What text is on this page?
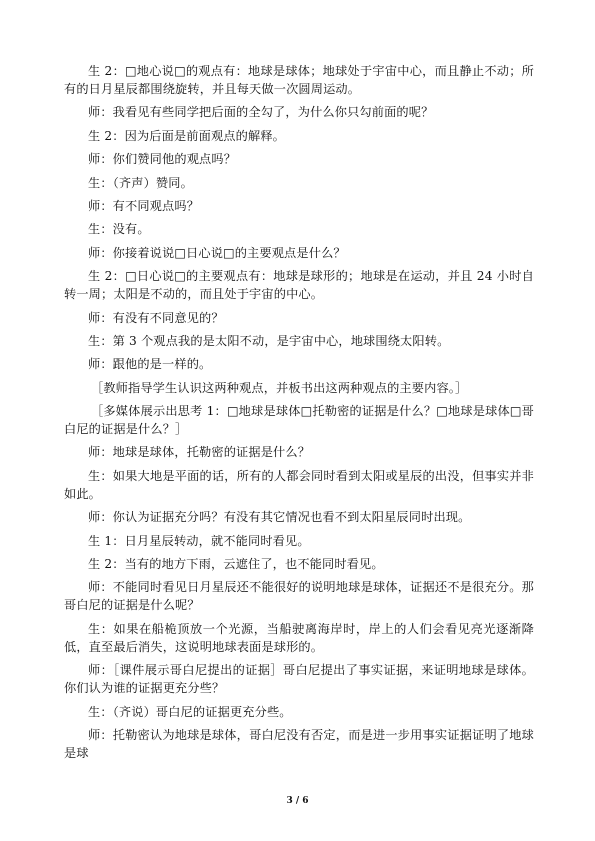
生 2：□地心说□的观点有：地球是球体；地球处于宇宙中心，而且静止不动；所有的日月星辰都围绕旋转，并且每天做一次圆周运动。

师：我看见有些同学把后面的全勾了，为什么你只勾前面的呢？

生 2：因为后面是前面观点的解释。

师：你们赞同他的观点吗？

生：（齐声）赞同。

师：有不同观点吗？

生：没有。

师：你接着说说□日心说□的主要观点是什么？

生 2：□日心说□的主要观点有：地球是球形的；地球是在运动，并且 24 小时自转一周；太阳是不动的，而且处于宇宙的中心。

师：有没有不同意见的？

生：第 3 个观点我的是太阳不动，是宇宙中心，地球围绕太阳转。

师：跟他的是一样的。

［教师指导学生认识这两种观点，并板书出这两种观点的主要内容。］

［多媒体展示出思考 1：□地球是球体□托勒密的证据是什么？□地球是球体□哥白尼的证据是什么？］

师：地球是球体，托勒密的证据是什么？

生：如果大地是平面的话，所有的人都会同时看到太阳或星辰的出没，但事实并非如此。

师：你认为证据充分吗？有没有其它情况也看不到太阳星辰同时出现。

生 1：日月星辰转动，就不能同时看见。

生 2：当有的地方下雨，云遮住了，也不能同时看见。

师：不能同时看见日月星辰还不能很好的说明地球是球体，证据还不是很充分。那哥白尼的证据是什么呢？

生：如果在船桅顶放一个光源，当船驶离海岸时，岸上的人们会看见亮光逐渐降低，直至最后消失，这说明地球表面是球形的。

师：［课件展示哥白尼提出的证据］哥白尼提出了事实证据，来证明地球是球体。你们认为谁的证据更充分些？

生：（齐说）哥白尼的证据更充分些。

师：托勒密认为地球是球体，哥白尼没有否定，而是进一步用事实证据证明了地球是球

3 / 6
